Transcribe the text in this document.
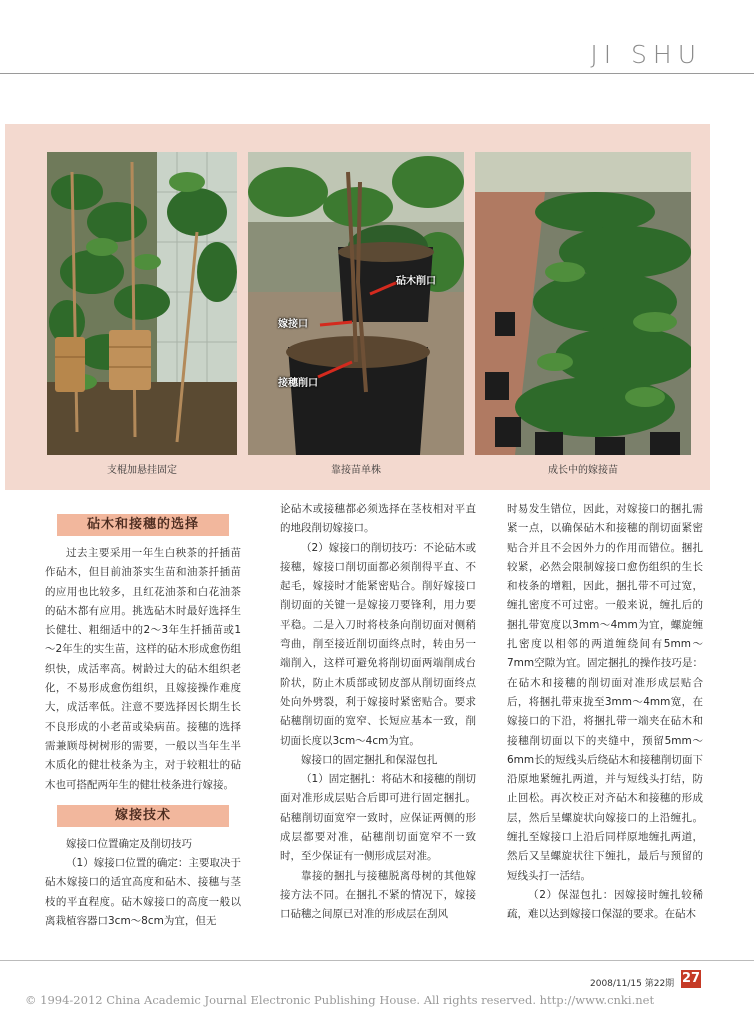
JI SHU
砧木削口
嫁接口
接穗削口
支棍加悬挂固定	靠接苗单株	成长中的嫁接苗
砧木和接穗的选择

过去主要采用一年生白秧茶的扦插苗作砧木，但目前油茶实生苗和油茶扦插苗的应用也比较多，且红花油茶和白花油茶的砧木都有应用。挑选砧木时最好选择生长健壮、粗细适中的2～3年生扦插苗或1～2年生的实生苗，这样的砧木形成愈伤组织快，成活率高。树龄过大的砧木组织老化，不易形成愈伤组织，且嫁接操作难度大，成活率低。注意不要选择因长期生长不良形成的小老苗或染病苗。接穗的选择需兼顾母树树形的需要，一般以当年生半木质化的健壮枝条为主，对于较粗壮的砧木也可搭配两年生的健壮枝条进行嫁接。

嫁接技术

嫁接口位置确定及削切技巧

（1）嫁接口位置的确定：主要取决于砧木嫁接口的适宜高度和砧木、接穗与茎枝的平直程度。砧木嫁接口的高度一般以离栽植容器口3cm～8cm为宜，但无

论砧木或接穗都必须选择在茎枝相对平直的地段削切嫁接口。

（2）嫁接口的削切技巧：不论砧木或接穗，嫁接口削切面都必须削得平直、不起毛，嫁接时才能紧密贴合。削好嫁接口削切面的关键一是嫁接刀要锋利，用力要平稳。二是入刀时将枝条向削切面对侧稍弯曲，削至接近削切面终点时，转由另一端削入，这样可避免将削切面两端削成台阶状，防止木质部或韧皮部从削切面终点处向外劈裂，利于嫁接时紧密贴合。要求砧穗削切面的宽窄、长短应基本一致，削切面长度以3cm～4cm为宜。

嫁接口的固定捆扎和保湿包扎

（1）固定捆扎：将砧木和接穗的削切面对准形成层贴合后即可进行固定捆扎。砧穗削切面宽窄一致时，应保证两侧的形成层都要对准，砧穗削切面宽窄不一致时，至少保证有一侧形成层对准。

靠接的捆扎与接穗脱离母树的其他嫁接方法不同。在捆扎不紧的情况下，嫁接口砧穗之间原已对准的形成层在刮风

时易发生错位，因此，对嫁接口的捆扎需紧一点，以确保砧木和接穗的削切面紧密贴合并且不会因外力的作用而错位。捆扎较紧，必然会限制嫁接口愈伤组织的生长和枝条的增粗，因此，捆扎带不可过宽，缠扎密度不可过密。一般来说，缠扎后的捆扎带宽度以3mm～4mm为宜，螺旋缠扎密度以相邻的两道缠绕间有5mm～7mm空隙为宜。固定捆扎的操作技巧是：在砧木和接穗的削切面对准形成层贴合后，将捆扎带束拢至3mm～4mm宽，在嫁接口的下沿，将捆扎带一端夹在砧木和接穗削切面以下的夹缝中，预留5mm～6mm长的短线头后绕砧木和接穗削切面下沿原地紧缠扎两道，并与短线头打结，防止回松。再次校正对齐砧木和接穗的形成层，然后呈螺旋状向嫁接口的上沿缠扎。缠扎至嫁接口上沿后同样原地缠扎两道，然后又呈螺旋状往下缠扎，最后与预留的短线头打一活结。

（2）保湿包扎：因嫁接时缠扎较稀疏，难以达到嫁接口保湿的要求。在砧木

2008/11/15 第22期 27
© 1994-2012 China Academic Journal Electronic Publishing House. All rights reserved. http://www.cnki.net
